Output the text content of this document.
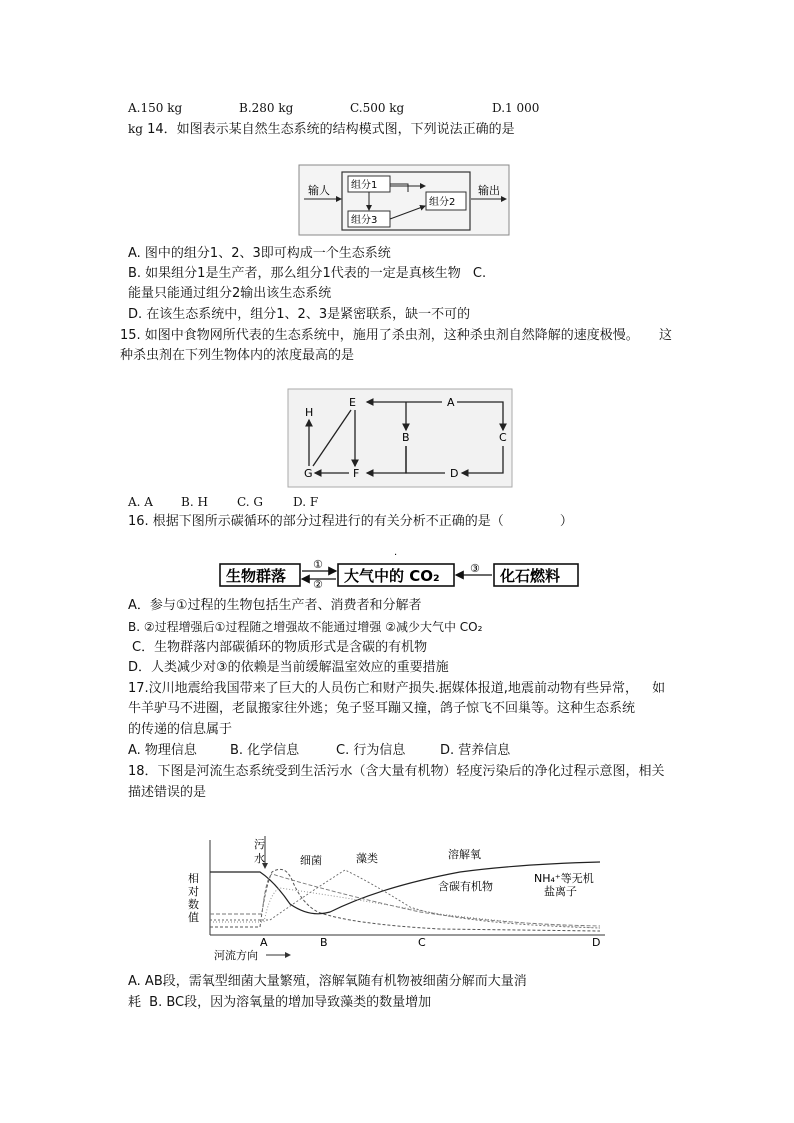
A.150 kg	B.280 kg	C.500 kg	D.1 000
kg 14．如图表示某自然生态系统的结构模式图，下列说法正确的是
输人 组分1
组分3
组分2
输出
A. 图中的组分1、2、3即可构成一个生态系统
B. 如果组分1是生产者，那么组分1代表的一定是真核生物 C.
能量只能通过组分2输出该生态系统
D. 在该生态系统中，组分1、2、3是紧密联系，缺一不可的
15. 如图中食物网所代表的生态系统中，施用了杀虫剂，这种杀虫剂自然降解的速度极慢。 这
种杀虫剂在下列生物体内的浓度最高的是
H
E	A
B	C
G	F	D
A. A B. H C. G	D. F
16. 根据下图所示碳循环的部分过程进行的有关分析不正确的是（	）
①
②
③
·
生物群落	大气中的 CO₂	化石燃料
A．参与①过程的生物包括生产者、消费者和分解者
B. ②过程增强后①过程随之增强故不能通过增强 ②减少大气中 CO₂
C．生物群落内部碳循环的物质形式是含碳的有机物
D．人类减少对③的依赖是当前缓解温室效应的重要措施
17.汶川地震给我国带来了巨大的人员伤亡和财产损失.据媒体报道,地震前动物有些异常， 如
牛羊驴马不进圈，老鼠搬家往外逃；兔子竖耳蹦又撞，鸽子惊飞不回巢等。这种生态系统
的传递的信息属于
A. 物理信息	B. 化学信息	C. 行为信息	D. 营养信息
18．下图是河流生态系统受到生活污水（含大量有机物）轻度污染后的净化过程示意图，相关
描述错误的是
污
水	细菌	藻类	溶解氧
含碳有机物
NH₄⁺等无机
盐离子
相
对
数
值
A	B	C	D
河流方向
A. AB段，需氧型细菌大量繁殖，溶解氧随有机物被细菌分解而大量消
耗 B. BC段，因为溶氧量的增加导致藻类的数量增加
